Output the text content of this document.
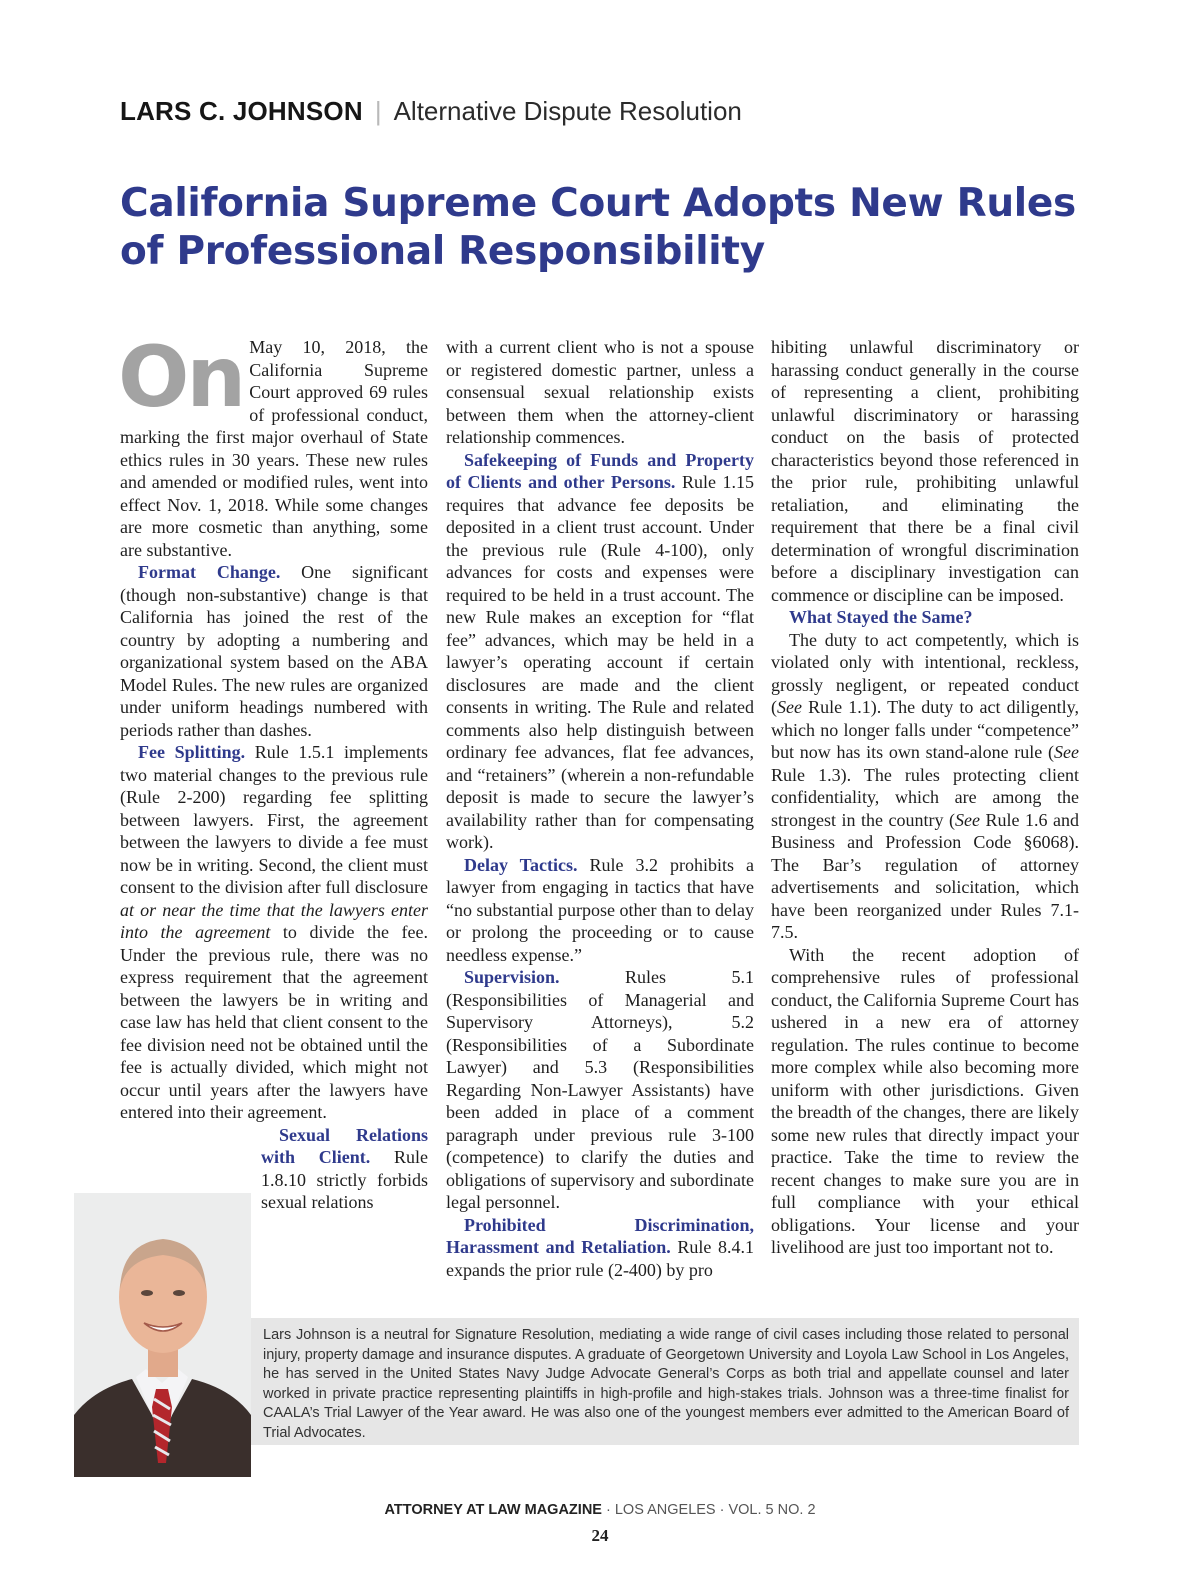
LARS C. JOHNSON | Alternative Dispute Resolution
California Supreme Court Adopts New Rules of Professional Responsibility

On May 10, 2018, the California Supreme Court approved 69 rules of professional conduct, marking the first major overhaul of State ethics rules in 30 years. These new rules and amended or modified rules, went into effect Nov. 1, 2018. While some changes are more cosmetic than anything, some are substantive.

Format Change. One significant (though non-substantive) change is that California has joined the rest of the country by adopting a numbering and organizational system based on the ABA Model Rules. The new rules are organized under uniform headings numbered with periods rather than dashes.

Fee Splitting. Rule 1.5.1 implements two material changes to the previous rule (Rule 2-200) regarding fee splitting between lawyers. First, the agreement between the lawyers to divide a fee must now be in writing. Second, the client must consent to the division after full disclosure at or near the time that the lawyers enter into the agreement to divide the fee. Under the previous rule, there was no express requirement that the agreement between the lawyers be in writing and case law has held that client consent to the fee division need not be obtained until the fee is actually divided, which might not occur until years after the lawyers have entered into their agreement.

Sexual Relations with Client. Rule 1.8.10 strictly forbids sexual relations

with a current client who is not a spouse or registered domestic partner, unless a consensual sexual relationship exists between them when the attorney-client relationship commences.

Safekeeping of Funds and Property of Clients and other Persons. Rule 1.15 requires that advance fee deposits be deposited in a client trust account. Under the previous rule (Rule 4-100), only advances for costs and expenses were required to be held in a trust account. The new Rule makes an exception for “flat fee” advances, which may be held in a lawyer’s operating account if certain disclosures are made and the client consents in writing. The Rule and related comments also help distinguish between ordinary fee advances, flat fee advances, and “retainers” (wherein a non-refundable deposit is made to secure the lawyer’s availability rather than for compensating work).

Delay Tactics. Rule 3.2 prohibits a lawyer from engaging in tactics that have “no substantial purpose other than to delay or prolong the proceeding or to cause needless expense.”

Supervision. Rules 5.1 (Responsibilities of Managerial and Supervisory Attorneys), 5.2 (Responsibilities of a Subordinate Lawyer) and 5.3 (Responsibilities Regarding Non-Lawyer Assistants) have been added in place of a comment paragraph under previous rule 3-100 (competence) to clarify the duties and obligations of supervisory and subordinate legal personnel.

Prohibited Discrimination, Harassment and Retaliation. Rule 8.4.1 expands the prior rule (2-400) by pro

hibiting unlawful discriminatory or harassing conduct generally in the course of representing a client, prohibiting unlawful discriminatory or harassing conduct on the basis of protected characteristics beyond those referenced in the prior rule, prohibiting unlawful retaliation, and eliminating the requirement that there be a final civil determination of wrongful discrimination before a disciplinary investigation can commence or discipline can be imposed.

What Stayed the Same?

The duty to act competently, which is violated only with intentional, reckless, grossly negligent, or repeated conduct (See Rule 1.1). The duty to act diligently, which no longer falls under “competence” but now has its own stand-alone rule (See Rule 1.3). The rules protecting client confidentiality, which are among the strongest in the country (See Rule 1.6 and Business and Profession Code §6068). The Bar’s regulation of attorney advertisements and solicitation, which have been reorganized under Rules 7.1-7.5.

With the recent adoption of comprehensive rules of professional conduct, the California Supreme Court has ushered in a new era of attorney regulation. The rules continue to become more complex while also becoming more uniform with other jurisdictions. Given the breadth of the changes, there are likely some new rules that directly impact your practice. Take the time to review the recent changes to make sure you are in full compliance with your ethical obligations. Your license and your livelihood are just too important not to.

Lars Johnson is a neutral for Signature Resolution, mediating a wide range of civil cases including those related to personal injury, property damage and insurance disputes. A graduate of Georgetown University and Loyola Law School in Los Angeles, he has served in the United States Navy Judge Advocate General’s Corps as both trial and appellate counsel and later worked in private practice representing plaintiffs in high-profile and high-stakes trials. Johnson was a three-time finalist for CAALA’s Trial Lawyer of the Year award. He was also one of the youngest members ever admitted to the American Board of Trial Advocates.
ATTORNEY AT LAW MAGAZINE · LOS ANGELES · VOL. 5 NO. 2
24
